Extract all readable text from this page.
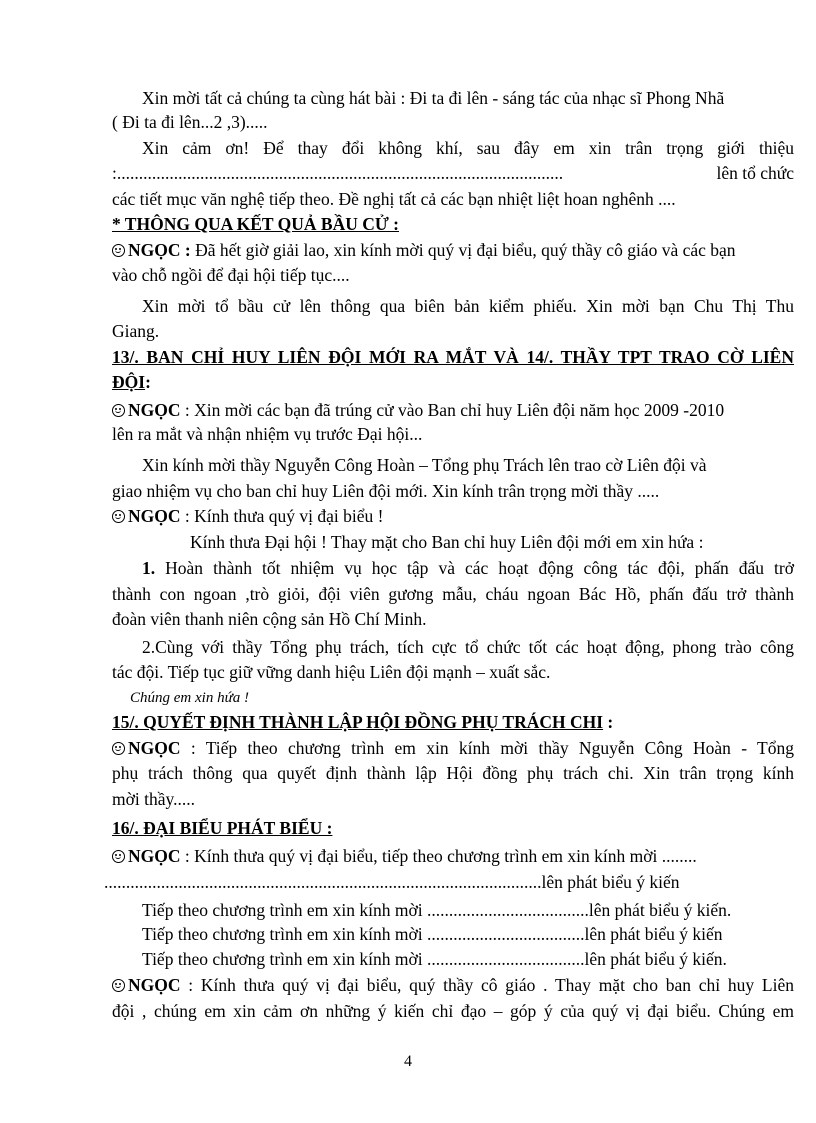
Xin mời tất cả chúng ta cùng hát bài : Đi ta đi lên - sáng tác của nhạc sĩ Phong Nhã
( Đi ta đi lên...2 ,3).....
Xin cảm ơn! Để thay đổi không khí, sau đây em xin trân trọng giới thiệu
:......................................................................................................	lên tổ chức
các tiết mục văn nghệ tiếp theo. Đề nghị tất cả các bạn nhiệt liệt hoan nghênh ....
* THÔNG QUA KẾT QUẢ BẦU CỬ :
NGỌC : Đã hết giờ giải lao, xin kính mời quý vị đại biểu, quý thầy cô giáo và các bạn
vào chỗ ngồi để đại hội tiếp tục....
Xin mời tổ bầu cử lên thông qua biên bản kiểm phiếu. Xin mời bạn Chu Thị Thu
Giang.
13/. BAN CHỈ HUY LIÊN ĐỘI MỚI RA MẮT VÀ 14/. THẦY TPT TRAO CỜ LIÊN
ĐỘI:
NGỌC : Xin mời các bạn đã trúng cử vào Ban chỉ huy Liên đội năm học 2009 -2010
lên ra mắt và nhận nhiệm vụ trước Đại hội...
Xin kính mời thầy Nguyễn Công Hoàn – Tổng phụ Trách lên trao cờ Liên đội và
giao nhiệm vụ cho ban chỉ huy Liên đội mới. Xin kính trân trọng mời thầy .....
NGỌC : Kính thưa quý vị đại biểu !
Kính thưa Đại hội ! Thay mặt cho Ban chỉ huy Liên đội mới em xin hứa :
1. Hoàn thành tốt nhiệm vụ học tập và các hoạt động công tác đội, phấn đấu trở
thành con ngoan ,trò giỏi, đội viên gương mẫu, cháu ngoan Bác Hồ, phấn đấu trở thành
đoàn viên thanh niên cộng sản Hồ Chí Minh.
2.Cùng với thầy Tổng phụ trách, tích cực tổ chức tốt các hoạt động, phong trào công
tác đội. Tiếp tục giữ vững danh hiệu Liên đội mạnh – xuất sắc.
Chúng em xin hứa !
15/. QUYẾT ĐỊNH THÀNH LẬP HỘI ĐỒNG PHỤ TRÁCH CHI :
NGỌC : Tiếp theo chương trình em xin kính mời thầy Nguyễn Công Hoàn - Tổng
phụ trách thông qua quyết định thành lập Hội đồng phụ trách chi. Xin trân trọng kính
mời thầy.....
16/. ĐẠI BIỂU PHÁT BIỂU :
NGỌC : Kính thưa quý vị đại biểu, tiếp theo chương trình em xin kính mời ........
....................................................................................................lên phát biểu ý kiến
Tiếp theo chương trình em xin kính mời .....................................lên phát biểu ý kiến.
Tiếp theo chương trình em xin kính mời ....................................lên phát biểu ý kiến
Tiếp theo chương trình em xin kính mời ....................................lên phát biểu ý kiến.
NGỌC : Kính thưa quý vị đại biểu, quý thầy cô giáo . Thay mặt cho ban chỉ huy Liên
đội , chúng em xin cảm ơn những ý kiến chỉ đạo – góp ý của quý vị đại biểu. Chúng em
4
